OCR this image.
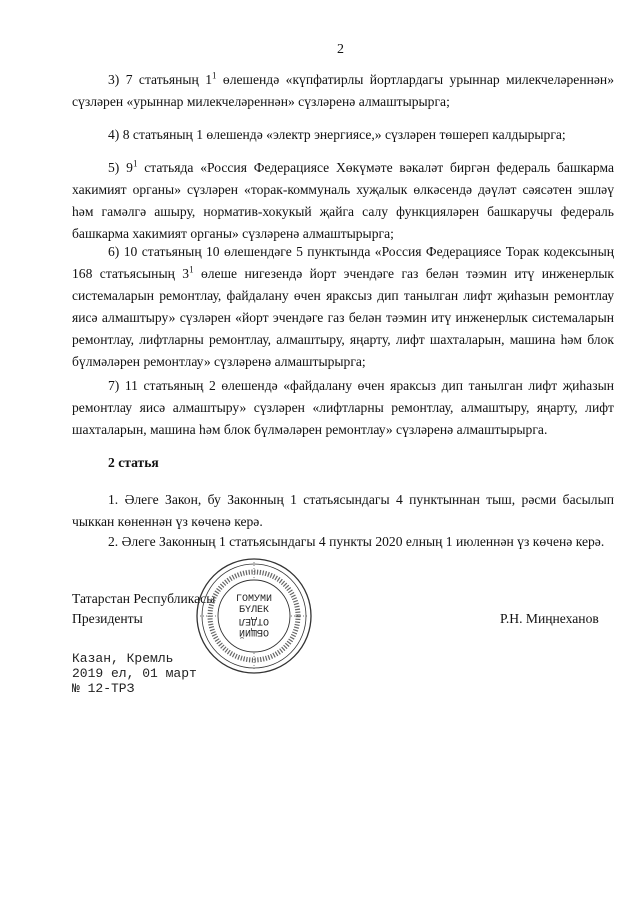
2

3) 7 статьяның $1^1$ өлешендә «күпфатирлы йортлардагы урыннар милекчеләреннән» сүзләрен «урыннар милекчеләреннән» сүзләренә алмаштырырга;

4) 8 статьяның 1 өлешендә «электр энергиясе,» сүзләрен төшереп калдырырга;

5) $9^1$ статьяда «Россия Федерациясе Хөкүмәте вәкаләт биргән федераль башкарма хакимият органы» сүзләрен «торак-коммуналь хуҗалык өлкәсендә дәүләт сәясәтен эшләү һәм гамәлгә ашыру, норматив-хокукый җайга салу функцияләрен башкаручы федераль башкарма хакимият органы» сүзләренә алмаштырырга;

6) 10 статьяның 10 өлешендәге 5 пунктында «Россия Федерациясе Торак кодексының 168 статьясының $3^1$ өлеше нигезендә йорт эчендәге газ белән тәэмин итү инженерлык системаларын ремонтлау, файдалану өчен яраксыз дип танылган лифт җиһазын ремонтлау яисә алмаштыру» сүзләрен «йорт эчендәге газ белән тәэмин итү инженерлык системаларын ремонтлау, лифтларны ремонтлау, алмаштыру, яңарту, лифт шахталарын, машина һәм блок бүлмәләрен ремонтлау» сүзләренә алмаштырырга;

7) 11 статьяның 2 өлешендә «файдалану өчен яраксыз дип танылган лифт җиһазын ремонтлау яисә алмаштыру» сүзләрен «лифтларны ремонтлау, алмаштыру, яңарту, лифт шахталарын, машина һәм блок бүлмәләрен ремонтлау» сүзләренә алмаштырырга.

2 статья

1. Әлеге Закон, бу Законның 1 статьясындагы 4 пунктыннан тыш, рәсми басылып чыккан көненнән үз көченә керә.

2. Әлеге Законның 1 статьясындагы 4 пункты 2020 елның 1 июленнән үз көченә керә.

Татарстан Республикасы
Президенты	Р.Н. Миңнеханов
ГОМУМИ
БҮЛЕК
ОТДЕЛ
ОБЩИЙ
Казан, Кремль
2019 ел, 01 март
№ 12-ТРЗ
